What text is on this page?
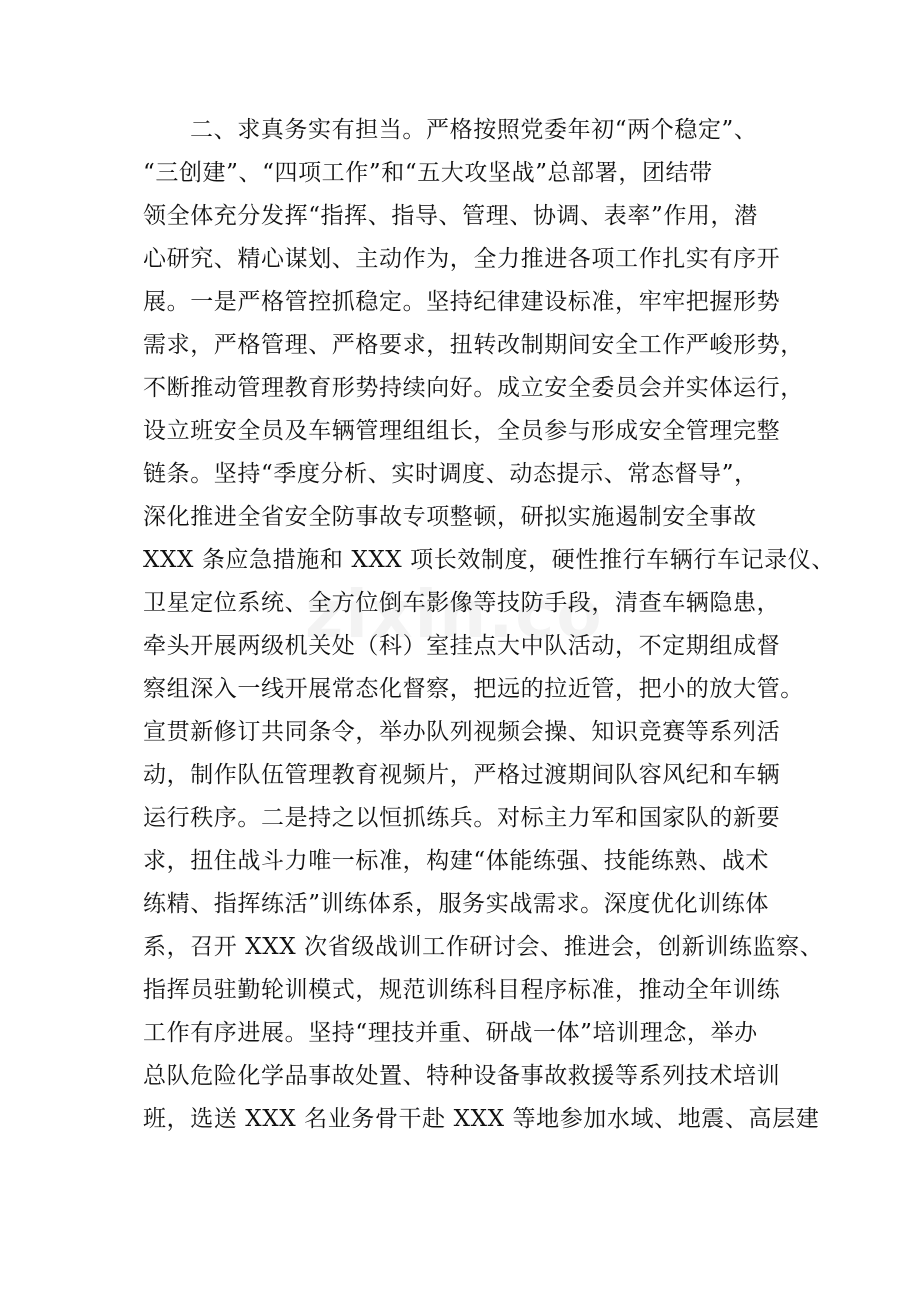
zixin.co
二、求真务实有担当。严格按照党委年初“两个稳定”、
“三创建”、“四项工作”和“五大攻坚战”总部署，团结带
领全体充分发挥“指挥、指导、管理、协调、表率”作用，潜
心研究、精心谋划、主动作为，全力推进各项工作扎实有序开
展。一是严格管控抓稳定。坚持纪律建设标准，牢牢把握形势
需求，严格管理、严格要求，扭转改制期间安全工作严峻形势，
不断推动管理教育形势持续向好。成立安全委员会并实体运行，
设立班安全员及车辆管理组组长，全员参与形成安全管理完整
链条。坚持“季度分析、实时调度、动态提示、常态督导”，
深化推进全省安全防事故专项整顿，研拟实施遏制安全事故
XXX 条应急措施和 XXX 项长效制度，硬性推行车辆行车记录仪、
卫星定位系统、全方位倒车影像等技防手段，清查车辆隐患，
牵头开展两级机关处（科）室挂点大中队活动，不定期组成督
察组深入一线开展常态化督察，把远的拉近管，把小的放大管。
宣贯新修订共同条令，举办队列视频会操、知识竞赛等系列活
动，制作队伍管理教育视频片，严格过渡期间队容风纪和车辆
运行秩序。二是持之以恒抓练兵。对标主力军和国家队的新要
求，扭住战斗力唯一标准，构建“体能练强、技能练熟、战术
练精、指挥练活”训练体系，服务实战需求。深度优化训练体
系，召开 XXX 次省级战训工作研讨会、推进会，创新训练监察、
指挥员驻勤轮训模式，规范训练科目程序标准，推动全年训练
工作有序进展。坚持“理技并重、研战一体”培训理念，举办
总队危险化学品事故处置、特种设备事故救援等系列技术培训
班，选送 XXX 名业务骨干赴 XXX 等地参加水域、地震、高层建
